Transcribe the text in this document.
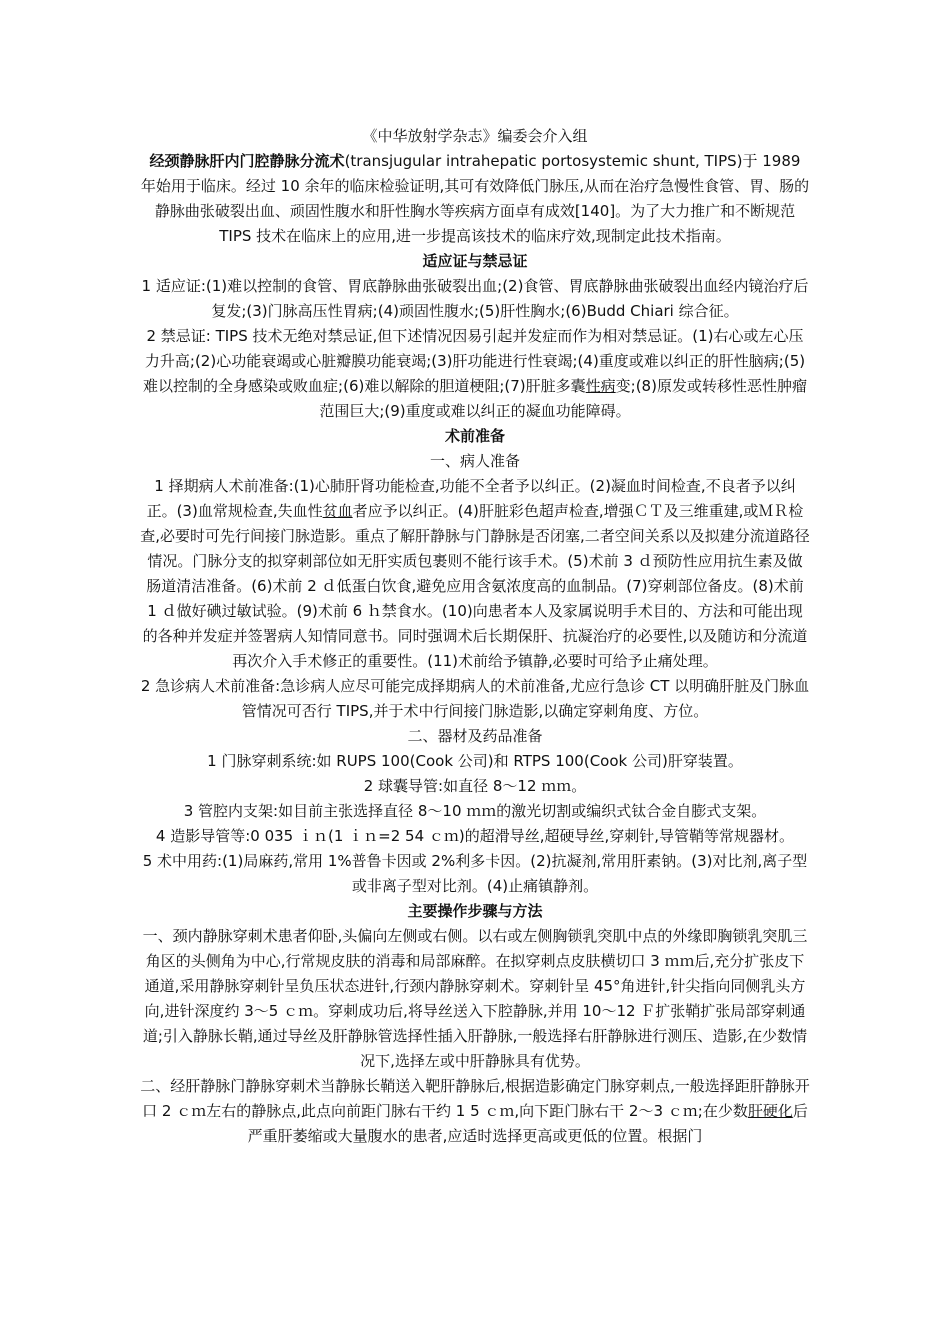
《中华放射学杂志》编委会介入组

经颈静脉肝内门腔静脉分流术(transjugular intrahepatic portosystemic shunt, TIPS)于 1989 年始用于临床。经过 10 余年的临床检验证明,其可有效降低门脉压,从而在治疗急慢性食管、胃、肠的静脉曲张破裂出血、顽固性腹水和肝性胸水等疾病方面卓有成效[140]。为了大力推广和不断规范 TIPS 技术在临床上的应用,进一步提高该技术的临床疗效,现制定此技术指南。

适应证与禁忌证

1 适应证:(1)难以控制的食管、胃底静脉曲张破裂出血;(2)食管、胃底静脉曲张破裂出血经内镜治疗后复发;(3)门脉高压性胃病;(4)顽固性腹水;(5)肝性胸水;(6)Budd Chiari 综合征。

2 禁忌证: TIPS 技术无绝对禁忌证,但下述情况因易引起并发症而作为相对禁忌证。(1)右心或左心压力升高;(2)心功能衰竭或心脏瓣膜功能衰竭;(3)肝功能进行性衰竭;(4)重度或难以纠正的肝性脑病;(5)难以控制的全身感染或败血症;(6)难以解除的胆道梗阻;(7)肝脏多囊性病变;(8)原发或转移性恶性肿瘤范围巨大;(9)重度或难以纠正的凝血功能障碍。

术前准备

一、病人准备

1 择期病人术前准备:(1)心肺肝肾功能检查,功能不全者予以纠正。(2)凝血时间检查,不良者予以纠正。(3)血常规检查,失血性贫血者应予以纠正。(4)肝脏彩色超声检查,增强ＣＴ及三维重建,或ＭＲ检查,必要时可先行间接门脉造影。重点了解肝静脉与门静脉是否闭塞,二者空间关系以及拟建分流道路径情况。门脉分支的拟穿刺部位如无肝实质包裹则不能行该手术。(5)术前 3 ｄ预防性应用抗生素及做肠道清洁准备。(6)术前 2 ｄ低蛋白饮食,避免应用含氨浓度高的血制品。(7)穿刺部位备皮。(8)术前 1 ｄ做好碘过敏试验。(9)术前 6 ｈ禁食水。(10)向患者本人及家属说明手术目的、方法和可能出现的各种并发症并签署病人知情同意书。同时强调术后长期保肝、抗凝治疗的必要性,以及随访和分流道再次介入手术修正的重要性。(11)术前给予镇静,必要时可给予止痛处理。

2 急诊病人术前准备:急诊病人应尽可能完成择期病人的术前准备,尤应行急诊 CT 以明确肝脏及门脉血管情况可否行 TIPS,并于术中行间接门脉造影,以确定穿刺角度、方位。

二、器材及药品准备

1 门脉穿刺系统:如 RUPS 100(Cook 公司)和 RTPS 100(Cook 公司)肝穿装置。

2 球囊导管:如直径 8～12 ｍｍ。

3 管腔内支架:如目前主张选择直径 8～10 ｍｍ的激光切割或编织式钛合金自膨式支架。

4 造影导管等:0 035 ｉｎ(1 ｉｎ=2 54 ｃｍ)的超滑导丝,超硬导丝,穿刺针,导管鞘等常规器材。

5 术中用药:(1)局麻药,常用 1%普鲁卡因或 2%利多卡因。(2)抗凝剂,常用肝素钠。(3)对比剂,离子型或非离子型对比剂。(4)止痛镇静剂。

主要操作步骤与方法

一、颈内静脉穿刺术患者仰卧,头偏向左侧或右侧。以右或左侧胸锁乳突肌中点的外缘即胸锁乳突肌三角区的头侧角为中心,行常规皮肤的消毒和局部麻醉。在拟穿刺点皮肤横切口 3 ｍｍ后,充分扩张皮下通道,采用静脉穿刺针呈负压状态进针,行颈内静脉穿刺术。穿刺针呈 45°角进针,针尖指向同侧乳头方向,进针深度约 3～5 ｃｍ。穿刺成功后,将导丝送入下腔静脉,并用 10～12 Ｆ扩张鞘扩张局部穿刺通道;引入静脉长鞘,通过导丝及肝静脉管选择性插入肝静脉,一般选择右肝静脉进行测压、造影,在少数情况下,选择左或中肝静脉具有优势。

二、经肝静脉门静脉穿刺术当静脉长鞘送入靶肝静脉后,根据造影确定门脉穿刺点,一般选择距肝静脉开口 2 ｃｍ左右的静脉点,此点向前距门脉右干约 1 5 ｃｍ,向下距门脉右干 2～3 ｃｍ;在少数肝硬化后严重肝萎缩或大量腹水的患者,应适时选择更高或更低的位置。根据门
